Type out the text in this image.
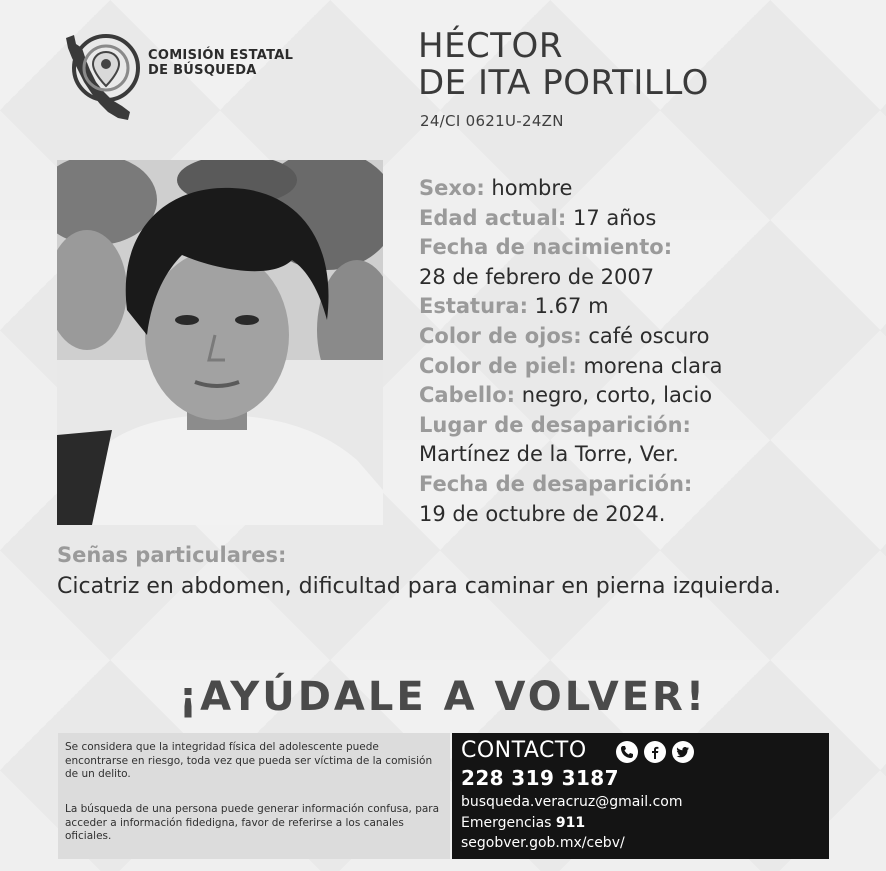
COMISIÓN ESTATAL
DE BÚSQUEDA
HÉCTOR
DE ITA PORTILLO
24/CI 0621U-24ZN
Sexo: hombre
Edad actual: 17 años
Fecha de nacimiento:
28 de febrero de 2007
Estatura: 1.67 m
Color de ojos: café oscuro
Color de piel: morena clara
Cabello: negro, corto, lacio
Lugar de desaparición:
Martínez de la Torre, Ver.
Fecha de desaparición:
19 de octubre de 2024.
Señas particulares:
Cicatriz en abdomen, dificultad para caminar en pierna izquierda.
¡AYÚDALE A VOLVER!

Se considera que la integridad física del adolescente puede encontrarse en riesgo, toda vez que pueda ser víctima de la comisión de un delito.

La búsqueda de una persona puede generar información confusa, para acceder a información fidedigna, favor de referirse a los canales oficiales.

CONTACTO
228 319 3187
busqueda.veracruz@gmail.com
Emergencias 911
segobver.gob.mx/cebv/
